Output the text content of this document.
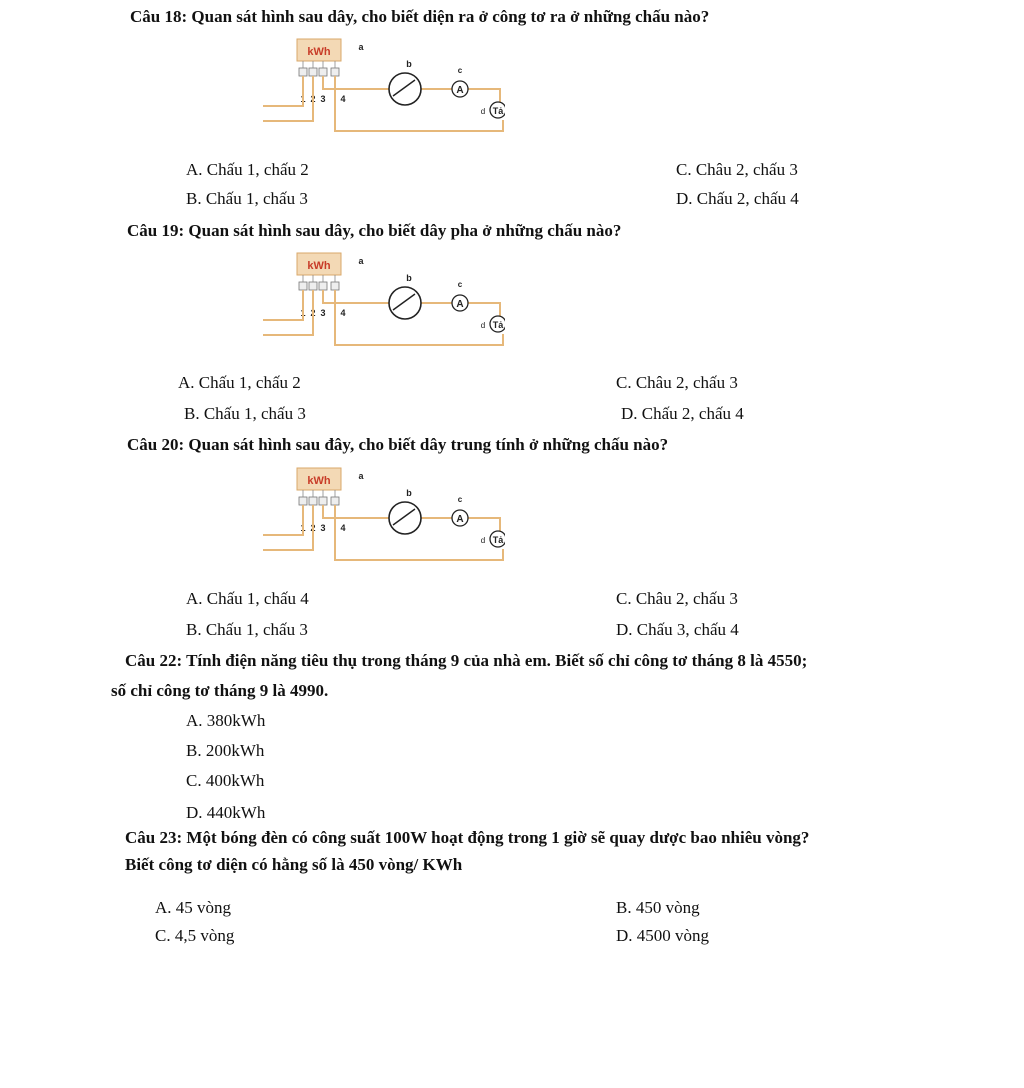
Câu 18: Quan sát hình sau dây, cho biết diện ra ở công tơ ra ở những chấu nào?
kWh	a
1 2 3 4
b
A
c
d Tả
A. Chấu 1, chấu 2	C. Châu 2, chấu 3
B. Chấu 1, chấu 3	D. Chấu 2, chấu 4
Câu 19: Quan sát hình sau dây, cho biết dây pha ở những chấu nào?
kWh	a
1 2 3 4
b
A
c
d Tả
A. Chấu 1, chấu 2	C. Châu 2, chấu 3
B. Chấu 1, chấu 3	D. Chấu 2, chấu 4
Câu 20: Quan sát hình sau đây, cho biết dây trung tính ở những chấu nào?
kWh	a
1 2 3 4
b
A
c
d Tả
A. Chấu 1, chấu 4	C. Châu 2, chấu 3
B. Chấu 1, chấu 3	D. Chấu 3, chấu 4
Câu 22: Tính điện năng tiêu thụ trong tháng 9 của nhà em. Biết số chỉ công tơ tháng 8 là 4550;
số chỉ công tơ tháng 9 là 4990.
A. 380kWh
B. 200kWh
C. 400kWh
D. 440kWh
Câu 23: Một bóng đèn có công suất 100W hoạt động trong 1 giờ sẽ quay dược bao nhiêu vòng?
Biết công tơ diện có hằng số là 450 vòng/ KWh
A. 45 vòng	B. 450 vòng
C. 4,5 vòng	D. 4500 vòng
